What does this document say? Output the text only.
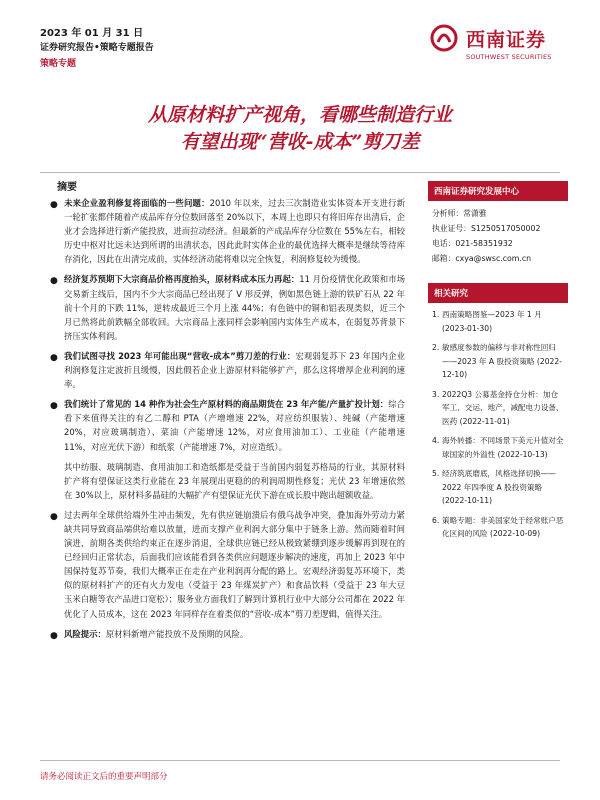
2023 年 01 月 31 日
证券研究报告•策略专题报告
策略专题
西南证券
SOUTHWEST SECURITIES
从原材料扩产视角，看哪些制造行业
有望出现“营收-成本”剪刀差
摘要

● 未来企业盈利修复将面临的一些问题：2010 年以来，过去三次制造业实体资本开支进行新一轮扩张都伴随着产成品库存分位数回落至 20%以下，本周上也即只有将旧库存出清后，企业才会选择进行新产能投放，进而拉动经济。但最新的产成品库存分位数在 55%左右，相较历史中枢对比远未达到所谓的出清状态，因此此时实体企业的最优选择大概率是继续等待库存消化，因此在出清完成前，实体经济动能将难以完全恢复，利润修复较为缓慢。

● 经济复苏预期下大宗商品价格再度抬头，原材料成本压力再起：11 月份疫情优化政策和市场交易新主线后，国内不少大宗商品已经出现了 V 形反弹，例如黑色链上游的铁矿石从 22 年前十个月的下跌 11%，逆转成最近三个月上涨 44%；有色链中的铜和铝表现类似，近三个月已然将此前跌幅全部收回。大宗商品上涨同样会影响国内实体生产成本，在弱复苏背景下挤压实体利润。

● 我们试图寻找 2023 年可能出现“营收-成本”剪刀差的行业：宏观弱复苏下 23 年国内企业利润修复注定波折且缓慢，因此假若企业上游原材料能够扩产，那么这将增厚企业利润的速率。

● 我们统计了常见的 14 种作为社会生产原材料的商品期货在 23 年产能/产量扩投计划：综合看下来值得关注的有乙二醇和 PTA（产增增速 22%，对应纺织服装）、纯碱（产能增速 20%，对应玻璃制造）、菜油（产能增速 12%，对应食用油加工）、工业硅（产能增速 11%，对应光伏下游）和纸浆（产能增速 7%，对应造纸）。

其中纺服、玻璃制造、食用油加工和造纸都是受益于当前国内弱复苏格局的行业，其原材料扩产将有望保证这类行业能在 23 年展现出更稳的的利润周期性修复；光伏 23 年增速依然在 30%以上，原材料多晶硅的大幅扩产有望保证光伏下游在成长股中跑出超额收益。

● 过去两年全球供给端外生冲击频发，先有供应链崩溃后有俄乌战争冲突，叠加海外劳动力紧缺共同导致商品端供给难以放量，进而支撑产业利润大部分集中于链条上游。然而随着时间演进，前期各类供给约束正在逐步消退，全球供应链已经从极致紧绷到逐步缓解再到现在的已经回归正常状态，后面我们应该能看到各类供应问题逐步解决的速度，再加上 2023 年中国保持复苏节奏，我们大概率正在走在产业利润再分配的路上。宏观经济弱复苏环境下，类似的原材料扩产的还有火力发电（受益于 23 年煤炭扩产）和食品饮料（受益于 23 年大豆玉米白糖等农产品进口宽松）；服务业方面我们了解到计算机行业中大部分公司都在 2022 年优化了人员成本，这在 2023 年同样存在着类似的“营收-成本”剪刀差逻辑，值得关注。

● 风险提示：原材料新增产能投放不及预期的风险。

西南证券研究发展中心
分析师：常潇雅
执业证号：S1250517050002
电话：021-58351932
邮箱：cxya@swsc.com.cn
相关研究
1. 西南策略图鉴—2023 年 1 月 (2023-01-30)
2. 敏感度参数的偏移与非对称性回归——2023 年 A 股投资策略 (2022-12-10)
3. 2022Q3 公募基金持仓分析：加仓军工、交运、地产，减配电力设备、医药 (2022-11-01)
4. 海外转播：不同场景下美元升值对全球国家的外溢性 (2022-10-13)
5. 经济筑底磨底，风格选择切换——2022 年四季度 A 股投资策略 (2022-10-11)
6. 策略专题：非美国家处于经常账户恶化区间的风险 (2022-10-09)
请务必阅读正文后的重要声明部分
